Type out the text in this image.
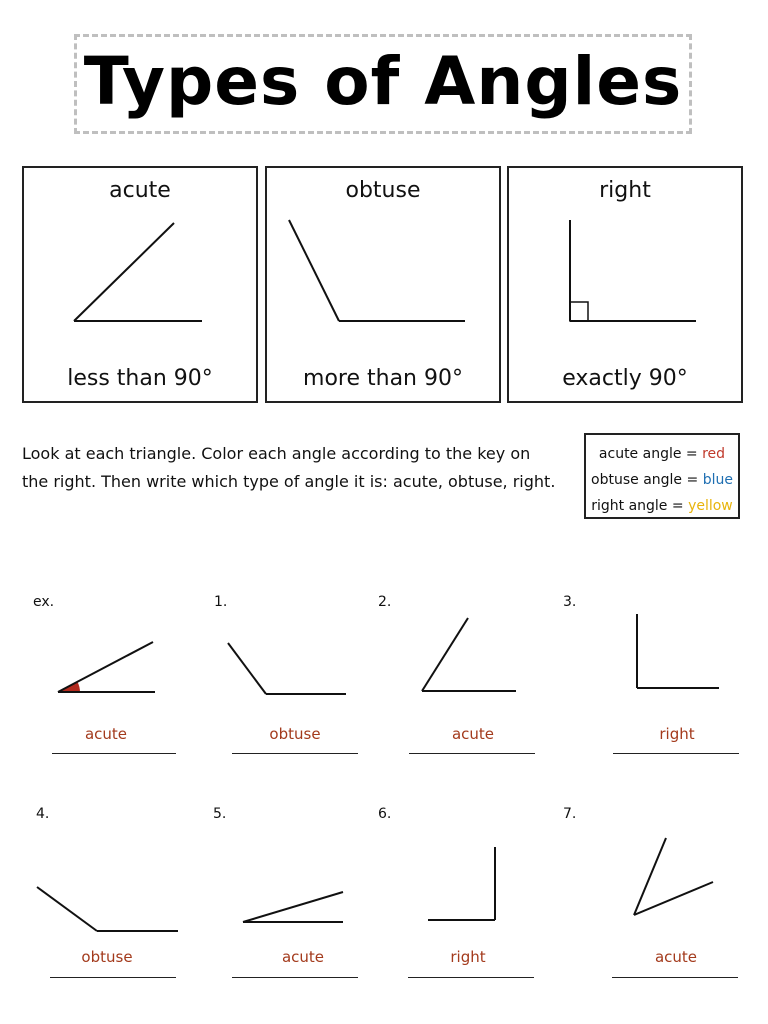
Types of Angles
acute
less than 90°
obtuse
more than 90°
right
exactly 90°
Look at each triangle. Color each angle according to the key on
the right. Then write which type of angle it is: acute, obtuse, right.
acute angle = red
obtuse angle = blue
right angle = yellow
ex.	1.	2.	3.
4.	5.	6.	7.
acute	obtuse	acute	right
obtuse	acute	right	acute
